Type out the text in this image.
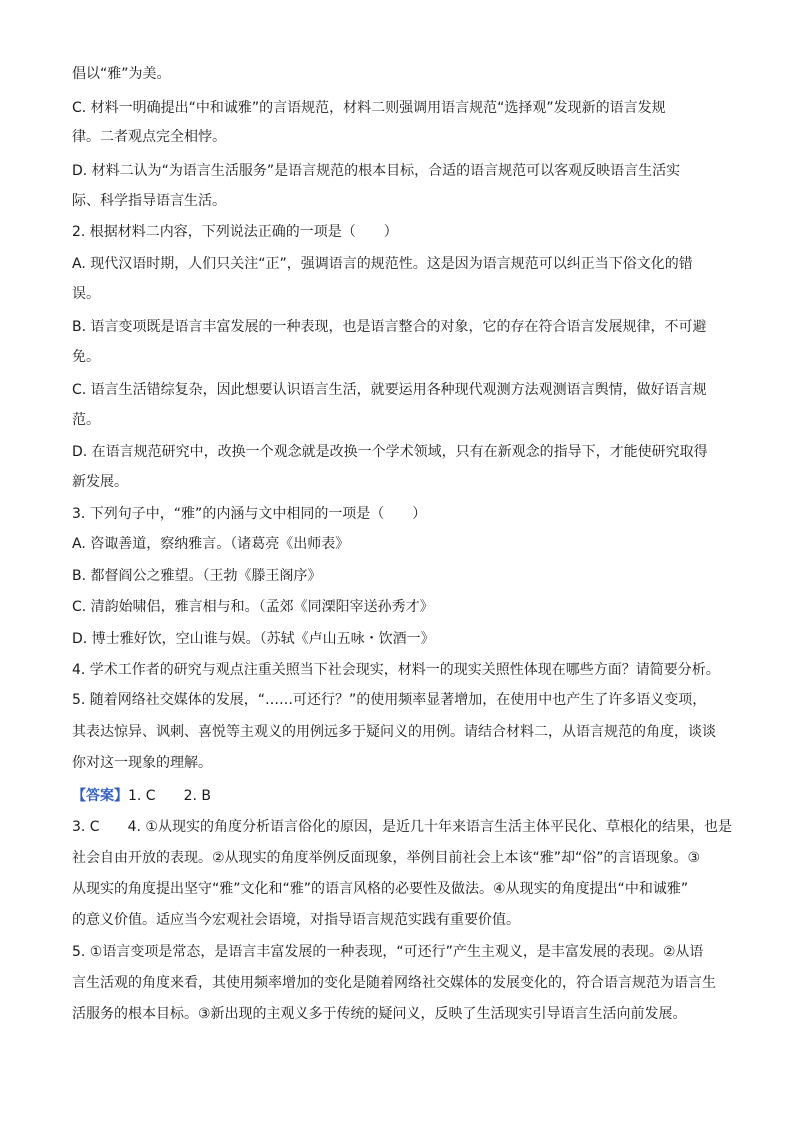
倡以“雅”为美。
C. 材料一明确提出“中和诚雅”的言语规范，材料二则强调用语言规范“选择观”发现新的语言发规
律。二者观点完全相悖。
D. 材料二认为“为语言生活服务”是语言规范的根本目标，合适的语言规范可以客观反映语言生活实
际、科学指导语言生活。
2. 根据材料二内容，下列说法正确的一项是（　　）
A. 现代汉语时期，人们只关注“正”，强调语言的规范性。这是因为语言规范可以纠正当下俗文化的错
误。
B. 语言变项既是语言丰富发展的一种表现，也是语言整合的对象，它的存在符合语言发展规律，不可避
免。
C. 语言生活错综复杂，因此想要认识语言生活，就要运用各种现代观测方法观测语言舆情，做好语言规
范。
D. 在语言规范研究中，改换一个观念就是改换一个学术领域，只有在新观念的指导下，才能使研究取得
新发展。
3. 下列句子中，“雅”的内涵与文中相同的一项是（　　）
A. 咨诹善道，察纳雅言。（诸葛亮《出师表》
B. 都督阎公之雅望。（王勃《滕王阁序》
C. 清韵始啸侣，雅言相与和。（孟郊《同溧阳宰送孙秀才》
D. 博士雅好饮，空山谁与娱。（苏轼《卢山五咏・饮酒一》
4. 学术工作者的研究与观点注重关照当下社会现实，材料一的现实关照性体现在哪些方面？请简要分析。
5. 随着网络社交媒体的发展，“……可还行？”的使用频率显著增加，在使用中也产生了许多语义变项，
其表达惊异、讽刺、喜悦等主观义的用例远多于疑问义的用例。请结合材料二，从语言规范的角度，谈谈
你对这一现象的理解。
【答案】1. C　　2. B
3. C　　4. ①从现实的角度分析语言俗化的原因，是近几十年来语言生活主体平民化、草根化的结果，也是
社会自由开放的表现。②从现实的角度举例反面现象，举例目前社会上本该“雅”却“俗”的言语现象。③
从现实的角度提出坚守“雅”文化和“雅”的语言风格的必要性及做法。④从现实的角度提出“中和诚雅”
的意义价值。适应当今宏观社会语境，对指导语言规范实践有重要价值。
5. ①语言变项是常态，是语言丰富发展的一种表现，“可还行”产生主观义，是丰富发展的表现。②从语
言生活观的角度来看，其使用频率增加的变化是随着网络社交媒体的发展变化的，符合语言规范为语言生
活服务的根本目标。③新出现的主观义多于传统的疑问义，反映了生活现实引导语言生活向前发展。
